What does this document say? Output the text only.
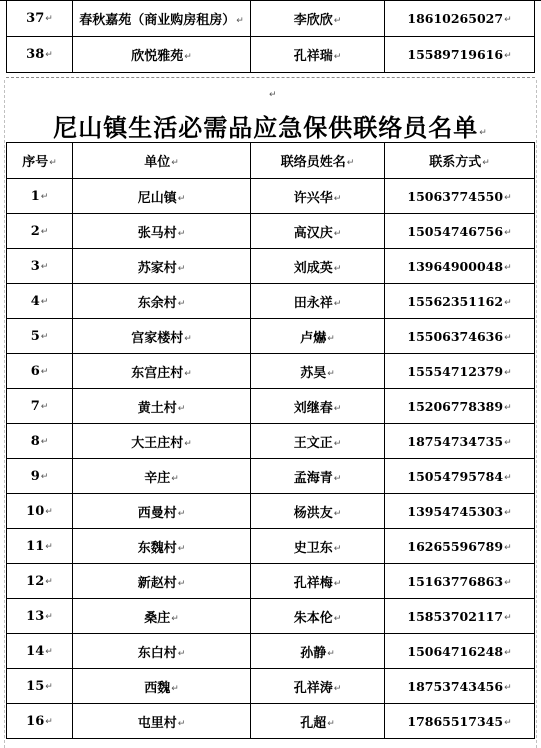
37↵	春秋嘉苑（商业购房租房）↵	李欣欣↵	18610265027↵
38↵	欣悦雅苑↵	孔祥瑞↵	15589719616↵
↵
尼山镇生活必需品应急保供联络员名单↵
序号↵	单位↵	联络员姓名↵	联系方式↵
1↵	尼山镇↵	许兴华↵	15063774550↵
2↵	张马村↵	高汉庆↵	15054746756↵
3↵	苏家村↵	刘成英↵	13964900048↵
4↵	东余村↵	田永祥↵	15562351162↵
5↵	宫家楼村↵	卢爀↵	15506374636↵
6↵	东宫庄村↵	苏昊↵	15554712379↵
7↵	黄土村↵	刘继春↵	15206778389↵
8↵	大王庄村↵	王文正↵	18754734735↵
9↵	辛庄↵	孟海青↵	15054795784↵
10↵	西曼村↵	杨洪友↵	13954745303↵
11↵	东魏村↵	史卫东↵	16265596789↵
12↵	新赵村↵	孔祥梅↵	15163776863↵
13↵	桑庄↵	朱本伦↵	15853702117↵
14↵	东白村↵	孙静↵	15064716248↵
15↵	西魏↵	孔祥涛↵	18753743456↵
16↵	屯里村↵	孔超↵	17865517345↵
